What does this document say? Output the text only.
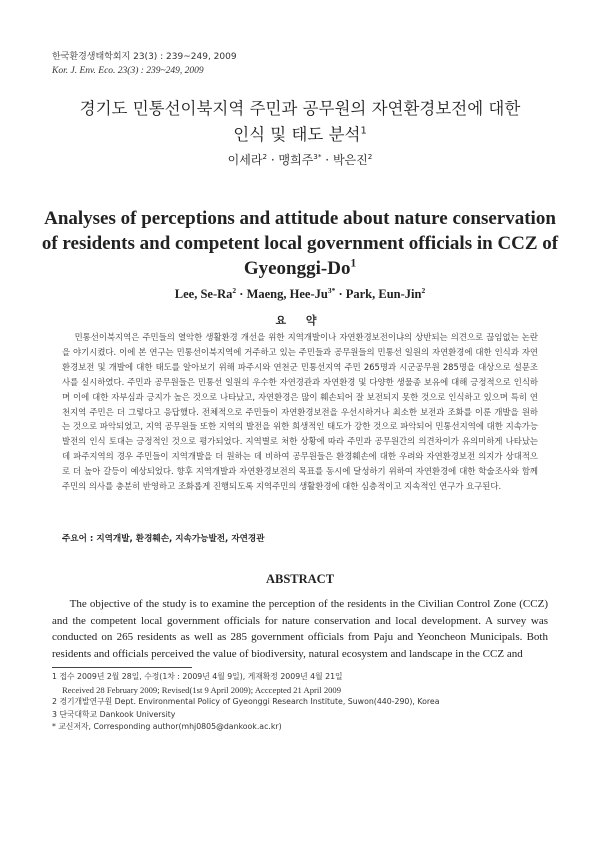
한국환경생태학회지 23(3) : 239~249, 2009
Kor. J. Env. Eco. 23(3) : 239~249, 2009
경기도 민통선이북지역 주민과 공무원의 자연환경보전에 대한
인식 및 태도 분석$^1$
이세라$^2$ · 맹희주$^{3*}$ · 박은진$^2$
Analyses of perceptions and attitude about nature conservation
of residents and competent local government officials in CCZ of
Gyeonggi-Do$^1$
Lee, $Se-Ra^2$ · Maeng, Hee-$Ju^{3*}$ · Park, Eun-Jin$^2$
요 약

민통선이북지역은 주민들의 열악한 생활환경 개선을 위한 지역개발이나 자연환경보전이냐의 상반되는 의견으로 끊임없는 논란을 야기시켰다. 이에 본 연구는 민통선이북지역에 거주하고 있는 주민들과 공무원들의 민통선 일원의 자연환경에 대한 인식과 자연환경보전 및 개발에 대한 태도를 알아보기 위해 파주시와 연천군 민통선지역 주민 265명과 시군공무원 285명을 대상으로 설문조사를 실시하였다. 주민과 공무원들은 민통선 일원의 우수한 자연경관과 자연환경 및 다양한 생물종 보유에 대해 긍정적으로 인식하며 이에 대한 자부심과 긍지가 높은 것으로 나타났고, 자연환경은 많이 훼손되어 잘 보전되지 못한 것으로 인식하고 있으며 특히 연천지역 주민은 더 그렇다고 응답했다. 전체적으로 주민들이 자연환경보전을 우선시하거나 최소한 보전과 조화를 이룬 개발을 원하는 것으로 파악되었고, 지역 공무원들 또한 지역의 발전을 위한 희생적인 태도가 강한 것으로 파악되어 민통선지역에 대한 지속가능발전의 인식 토대는 긍정적인 것으로 평가되었다. 지역별로 처한 상황에 따라 주민과 공무원간의 의견차이가 유의미하게 나타났는데 파주지역의 경우 주민들이 지역개발을 더 원하는 데 비하여 공무원들은 환경훼손에 대한 우려와 자연환경보전 의지가 상대적으로 더 높아 갈등이 예상되었다. 향후 지역개발과 자연환경보전의 목표를 동시에 달성하기 위하여 자연환경에 대한 학술조사와 함께 주민의 의사를 충분히 반영하고 조화롭게 진행되도록 지역주민의 생활환경에 대한 심층적이고 지속적인 연구가 요구된다.

주요어 : 지역개발, 환경훼손, 지속가능발전, 자연경관
ABSTRACT

The objective of the study is to examine the perception of the residents in the Civilian Control Zone (CCZ) and the competent local government officials for nature conservation and local development. A survey was conducted on 265 residents as well as 285 government officials from Paju and Yeoncheon Municipals. Both residents and officials perceived the value of biodiversity, natural ecosystem and landscape in the CCZ and

1 접수 2009년 2월 28일, 수정(1차 : 2009년 4월 9일), 게재확정 2009년 4월 21일
Received 28 February 2009; Revised(1st 9 April 2009); Acccepted 21 April 2009
2 경기개발연구원 Dept. Environmental Policy of Gyeonggi Research Institute, Suwon(440-290), Korea
3 단국대학교 Dankook University
* 교신저자, Corresponding author(mhj0805@dankook.ac.kr)
